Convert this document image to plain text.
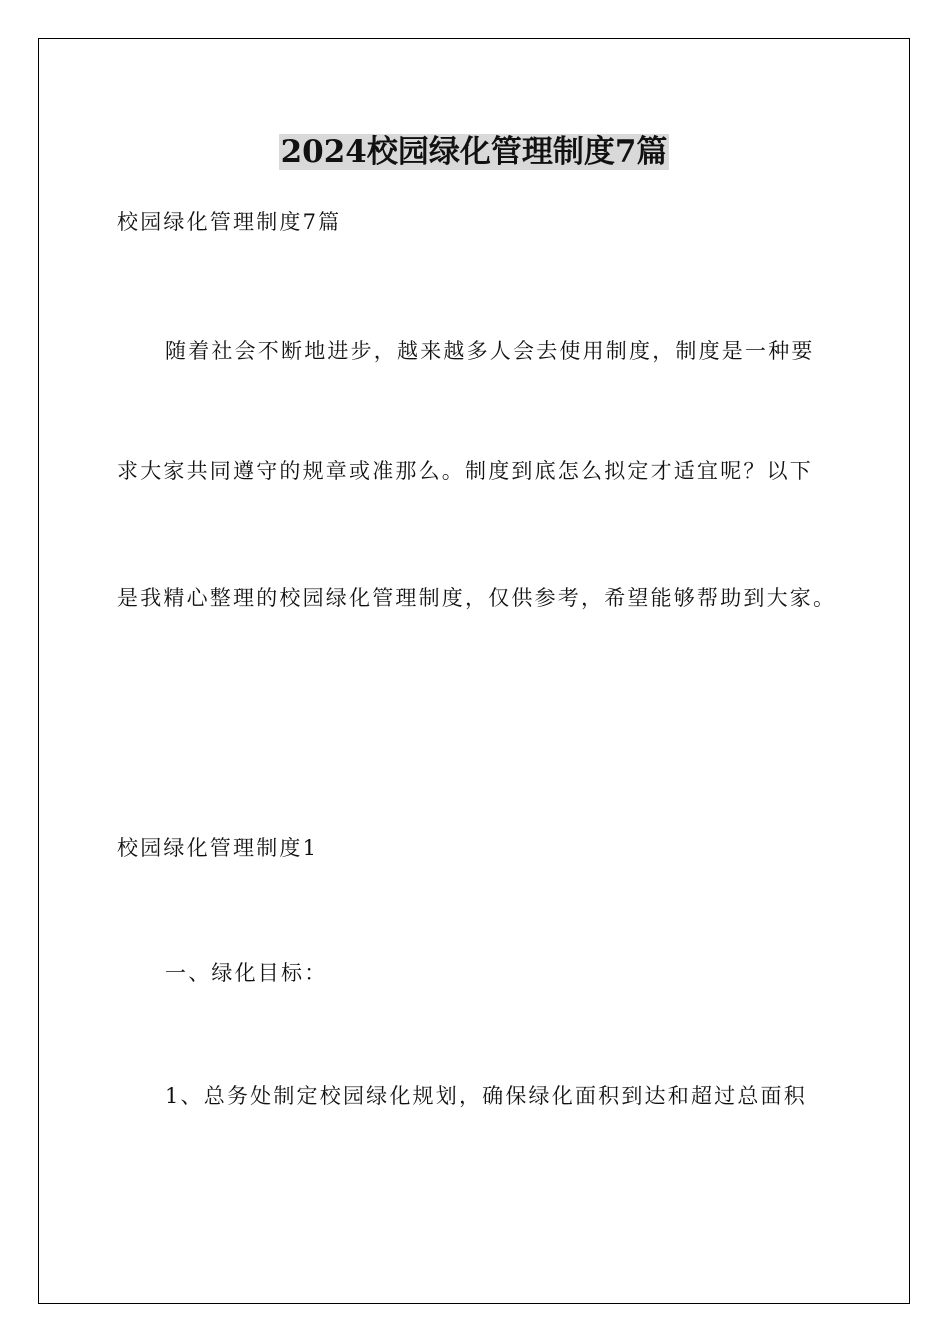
2024校园绿化管理制度7篇
校园绿化管理制度7篇
随着社会不断地进步，越来越多人会去使用制度，制度是一种要
求大家共同遵守的规章或准那么。制度到底怎么拟定才适宜呢？以下
是我精心整理的校园绿化管理制度，仅供参考，希望能够帮助到大家。
校园绿化管理制度1
一、绿化目标：
1、总务处制定校园绿化规划，确保绿化面积到达和超过总面积
